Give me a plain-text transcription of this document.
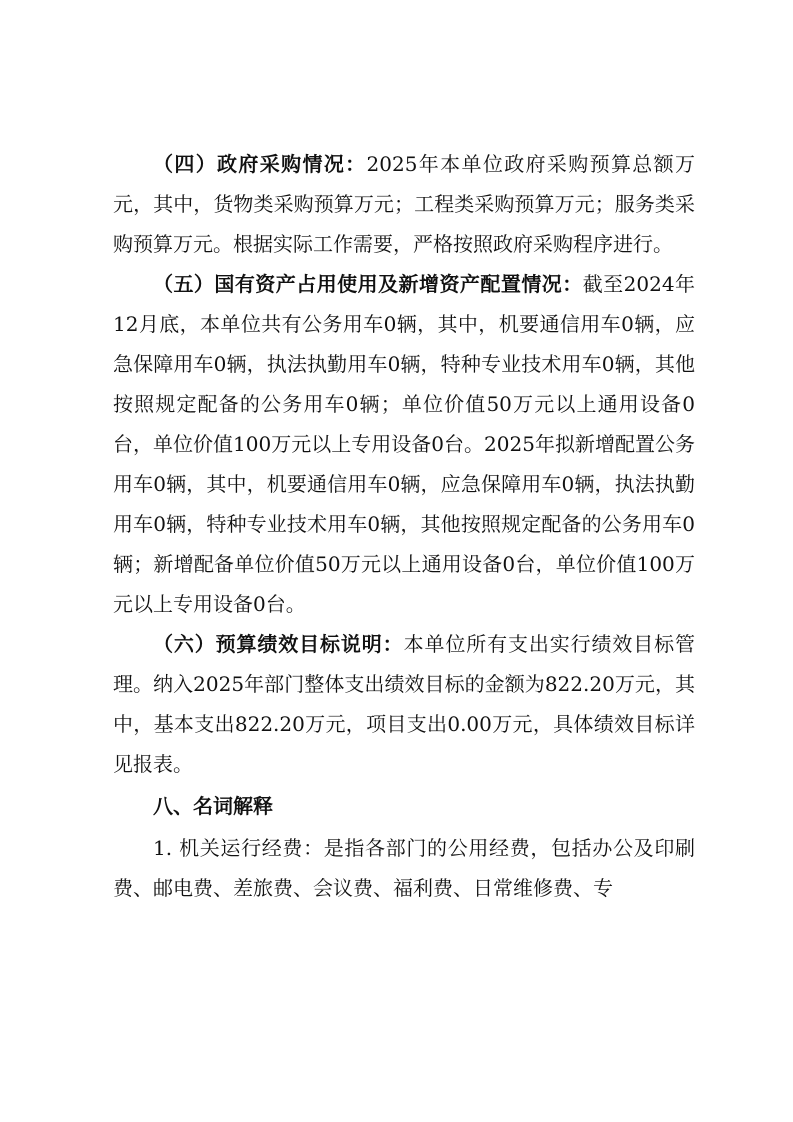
（四）政府采购情况：2025年本单位政府采购预算总额万元，其中，货物类采购预算万元；工程类采购预算万元；服务类采购预算万元。根据实际工作需要，严格按照政府采购程序进行。

（五）国有资产占用使用及新增资产配置情况：截至2024年12月底，本单位共有公务用车0辆，其中，机要通信用车0辆，应急保障用车0辆，执法执勤用车0辆，特种专业技术用车0辆，其他按照规定配备的公务用车0辆；单位价值50万元以上通用设备0台，单位价值100万元以上专用设备0台。2025年拟新增配置公务用车0辆，其中，机要通信用车0辆，应急保障用车0辆，执法执勤用车0辆，特种专业技术用车0辆，其他按照规定配备的公务用车0辆；新增配备单位价值50万元以上通用设备0台，单位价值100万元以上专用设备0台。

（六）预算绩效目标说明：本单位所有支出实行绩效目标管理。纳入2025年部门整体支出绩效目标的金额为822.20万元，其中，基本支出822.20万元，项目支出0.00万元，具体绩效目标详见报表。

八、名词解释

1. 机关运行经费：是指各部门的公用经费，包括办公及印刷费、邮电费、差旅费、会议费、福利费、日常维修费、专
